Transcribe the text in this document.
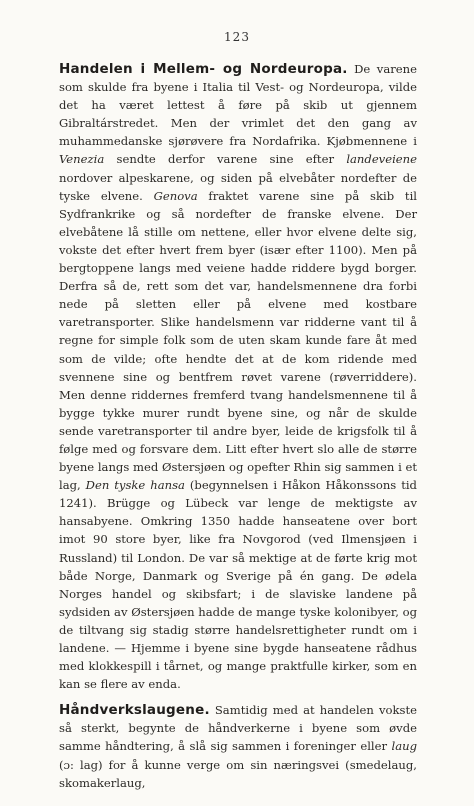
123

Handelen i Mellem- og Nordeuropa. De varene som skulde fra byene i Italia til Vest- og Nordeuropa, vilde det ha været lettest å føre på skib ut gjennem Gibraltárstredet. Men der vrimlet det den gang av muhammedanske sjørøvere fra Nordafrika. Kjøbmennene i Venezia sendte derfor varene sine efter landeveiene nordover alpeskarene, og siden på elvebåter nordefter de tyske elvene. Genova fraktet varene sine på skib til Sydfrankrike og så nordefter de franske elvene. Der elvebåtene lå stille om nettene, eller hvor elvene delte sig, vokste det efter hvert frem byer (især efter 1100). Men på bergtoppene langs med veiene hadde riddere bygd borger. Derfra så de, rett som det var, handelsmennene dra forbi nede på sletten eller på elvene med kostbare varetransporter. Slike handelsmenn var ridderne vant til å regne for simple folk som de uten skam kunde fare åt med som de vilde; ofte hendte det at de kom ridende med svennene sine og bentfrem røvet varene (røverriddere). Men denne riddernes fremferd tvang handelsmennene til å bygge tykke murer rundt byene sine, og når de skulde sende varetransporter til andre byer, leide de krigsfolk til å følge med og forsvare dem. Litt efter hvert slo alle de større byene langs med Østersjøen og opefter Rhin sig sammen i et lag, Den tyske hansa (begynnelsen i Håkon Håkonssons tid 1241). Brügge og Lübeck var lenge de mektigste av hansabyene. Omkring 1350 hadde hanseatene over bort imot 90 store byer, like fra Novgorod (ved Ilmensjøen i Russland) til London. De var så mektige at de førte krig mot både Norge, Danmark og Sverige på én gang. De ødela Norges handel og skibsfart; i de slaviske landene på sydsiden av Østersjøen hadde de mange tyske kolonibyer, og de tiltvang sig stadig større handelsrettigheter rundt om i landene. — Hjemme i byene sine bygde hanseatene rådhus med klokkespill i tårnet, og mange praktfulle kirker, som en kan se flere av enda.

Håndverkslaugene. Samtidig med at handelen vokste så sterkt, begynte de håndverkerne i byene som øvde samme håndtering, å slå sig sammen i foreninger eller laug (ɔ: lag) for å kunne verge om sin næringsvei (smedelaug, skomakerlaug,
